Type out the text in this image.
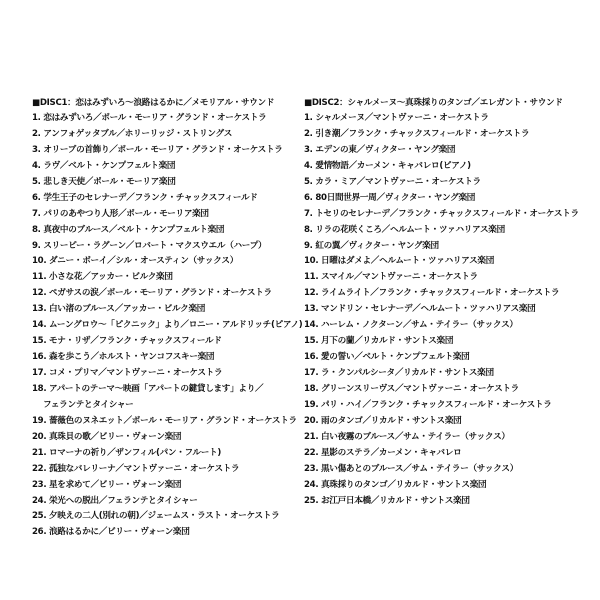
■DISC1：恋はみずいろ～浪路はるかに／メモリアル・サウンド
1. 恋はみずいろ／ポール・モーリア・グランド・オーケストラ
2. アンフォゲッタブル／ホリーリッジ・ストリングス
3. オリーブの首飾り／ポール・モーリア・グランド・オーケストラ
4. ラヴ／ベルト・ケンプフェルト楽団
5. 悲しき天使／ポール・モーリア楽団
6. 学生王子のセレナーデ／フランク・チャックスフィールド
7. パリのあやつり人形／ポール・モーリア楽団
8. 真夜中のブルース／ベルト・ケンプフェルト楽団
9. スリーピー・ラグーン／ロバート・マクスウエル（ハープ）
10. ダニー・ボーイ／シル・オースティン（サックス）
11. 小さな花／アッカー・ビルク楽団
12. ペガサスの涙／ポール・モーリア・グランド・オーケストラ
13. 白い渚のブルース／アッカー・ビルク楽団
14. ムーングロウ～「ピクニック」より／ロニー・アルドリッチ(ピアノ)
15. モナ・リザ／フランク・チャックスフィールド
16. 森を歩こう／ホルスト・ヤンコフスキー楽団
17. コメ・プリマ／マントヴァーニ・オーケストラ
18. アパートのテーマ～映画「アパートの鍵貸します」より／
フェランテとタイシャー
19. 薔薇色のヌネエット／ポール・モーリア・グランド・オーケストラ
20. 真珠貝の歌／ビリー・ヴォーン楽団
21. ロマーナの祈り／ザンフィル(パン・フルート)
22. 孤独なバレリーナ／マントヴァーニ・オーケストラ
23. 星を求めて／ビリー・ヴォーン楽団
24. 栄光への脱出／フェランテとタイシャー
25. 夕映えの二人(別れの朝)／ジェームス・ラスト・オーケストラ
26. 浪路はるかに／ビリー・ヴォーン楽団
■DISC2：シャルメーヌ～真珠採りのタンゴ／エレガント・サウンド
1. シャルメーヌ／マントヴァーニ・オーケストラ
2. 引き潮／フランク・チャックスフィールド・オーケストラ
3. エデンの東／ヴィクター・ヤング楽団
4. 愛情物語／カーメン・キャバレロ(ピアノ)
5. カラ・ミア／マントヴァーニ・オーケストラ
6. 80日間世界一周／ヴィクター・ヤング楽団
7. トセリのセレナーデ／フランク・チャックスフィールド・オーケストラ
8. リラの花咲くころ／ヘルムート・ツァハリアス楽団
9. 紅の翼／ヴィクター・ヤング楽団
10. 日曜はダメよ／ヘルムート・ツァハリアス楽団
11. スマイル／マントヴァーニ・オーケストラ
12. ライムライト／フランク・チャックスフィールド・オーケストラ
13. マンドリン・セレナーデ／ヘルムート・ツァハリアス楽団
14. ハーレム・ノクターン／サム・テイラー（サックス）
15. 月下の蘭／リカルド・サントス楽団
16. 愛の誓い／ベルト・ケンプフェルト楽団
17. ラ・クンパルシータ／リカルド・サントス楽団
18. グリーンスリーヴス／マントヴァーニ・オーケストラ
19. パリ・ハイ／フランク・チャックスフィールド・オーケストラ
20. 雨のタンゴ／リカルド・サントス楽団
21. 白い夜霧のブルース／サム・テイラー（サックス）
22. 星影のステラ／カーメン・キャバレロ
23. 黒い傷あとのブルース／サム・テイラー（サックス）
24. 真珠採りのタンゴ／リカルド・サントス楽団
25. お江戸日本橋／リカルド・サントス楽団
